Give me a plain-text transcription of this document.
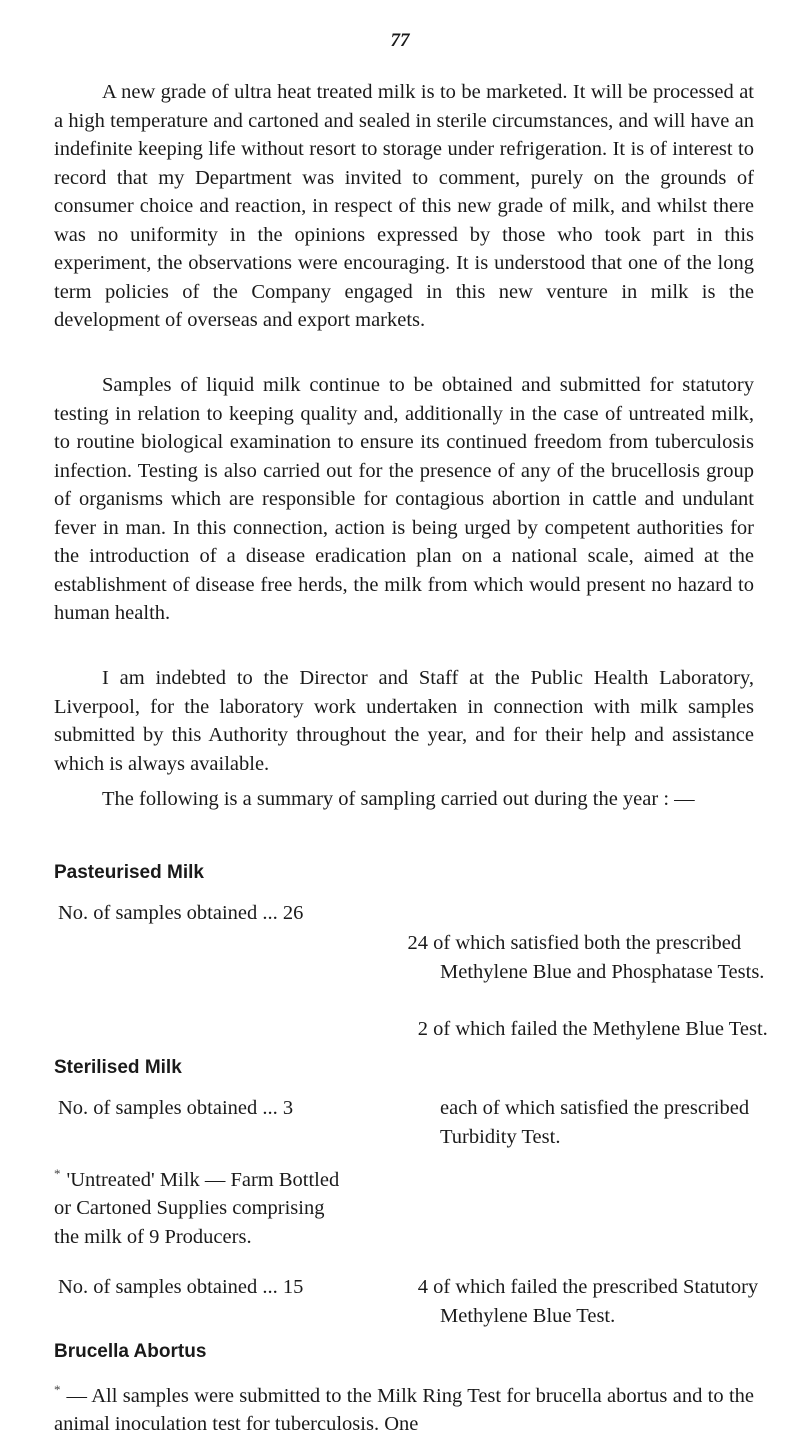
77

A new grade of ultra heat treated milk is to be marketed. It will be processed at a high temperature and cartoned and sealed in sterile circumstances, and will have an indefinite keeping life without resort to storage under refrigeration. It is of interest to record that my Department was invited to comment, purely on the grounds of consumer choice and reaction, in respect of this new grade of milk, and whilst there was no uniformity in the opinions expressed by those who took part in this experiment, the observations were encouraging. It is understood that one of the long term policies of the Company engaged in this new venture in milk is the development of overseas and export markets.

Samples of liquid milk continue to be obtained and submitted for statutory testing in relation to keeping quality and, additionally in the case of untreated milk, to routine biological examination to ensure its continued freedom from tuberculosis infection. Testing is also carried out for the presence of any of the brucellosis group of organisms which are responsible for contagious abortion in cattle and undulant fever in man. In this connection, action is being urged by competent authorities for the introduction of a disease eradication plan on a national scale, aimed at the establishment of disease free herds, the milk from which would present no hazard to human health.

I am indebted to the Director and Staff at the Public Health Laboratory, Liverpool, for the laboratory work undertaken in connection with milk samples submitted by this Authority throughout the year, and for their help and assistance which is always available.

The following is a summary of sampling carried out during the year : —

Pasteurised Milk

No. of samples obtained ... 26

24 of which satisfied both the prescribed Methylene Blue and Phosphatase Tests.
2 of which failed the Methylene Blue Test.
Sterilised Milk

No. of samples obtained ... 3	each of which satisfied the prescribed Turbidity Test.

* 'Untreated' Milk — Farm Bottled or Cartoned Supplies comprising the milk of 9 Producers.

No. of samples obtained ... 15	4 of which failed the prescribed Statutory Methylene Blue Test.
Brucella Abortus

* — All samples were submitted to the Milk Ring Test for brucella abortus and to the animal inoculation test for tuberculosis. One
